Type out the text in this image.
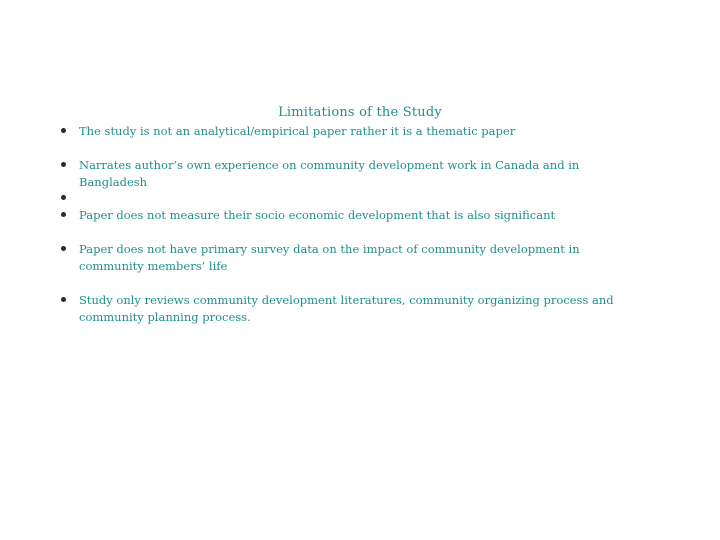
Limitations of the Study
The study is not an analytical/empirical paper rather it is a thematic paper
Narrates author’s own experience on community development work in Canada and in Bangladesh
Paper does not measure their socio economic development that is also significant
Paper does not have primary survey data on the impact of community development in community members’ life
Study only reviews community development literatures, community organizing process and community planning process.
